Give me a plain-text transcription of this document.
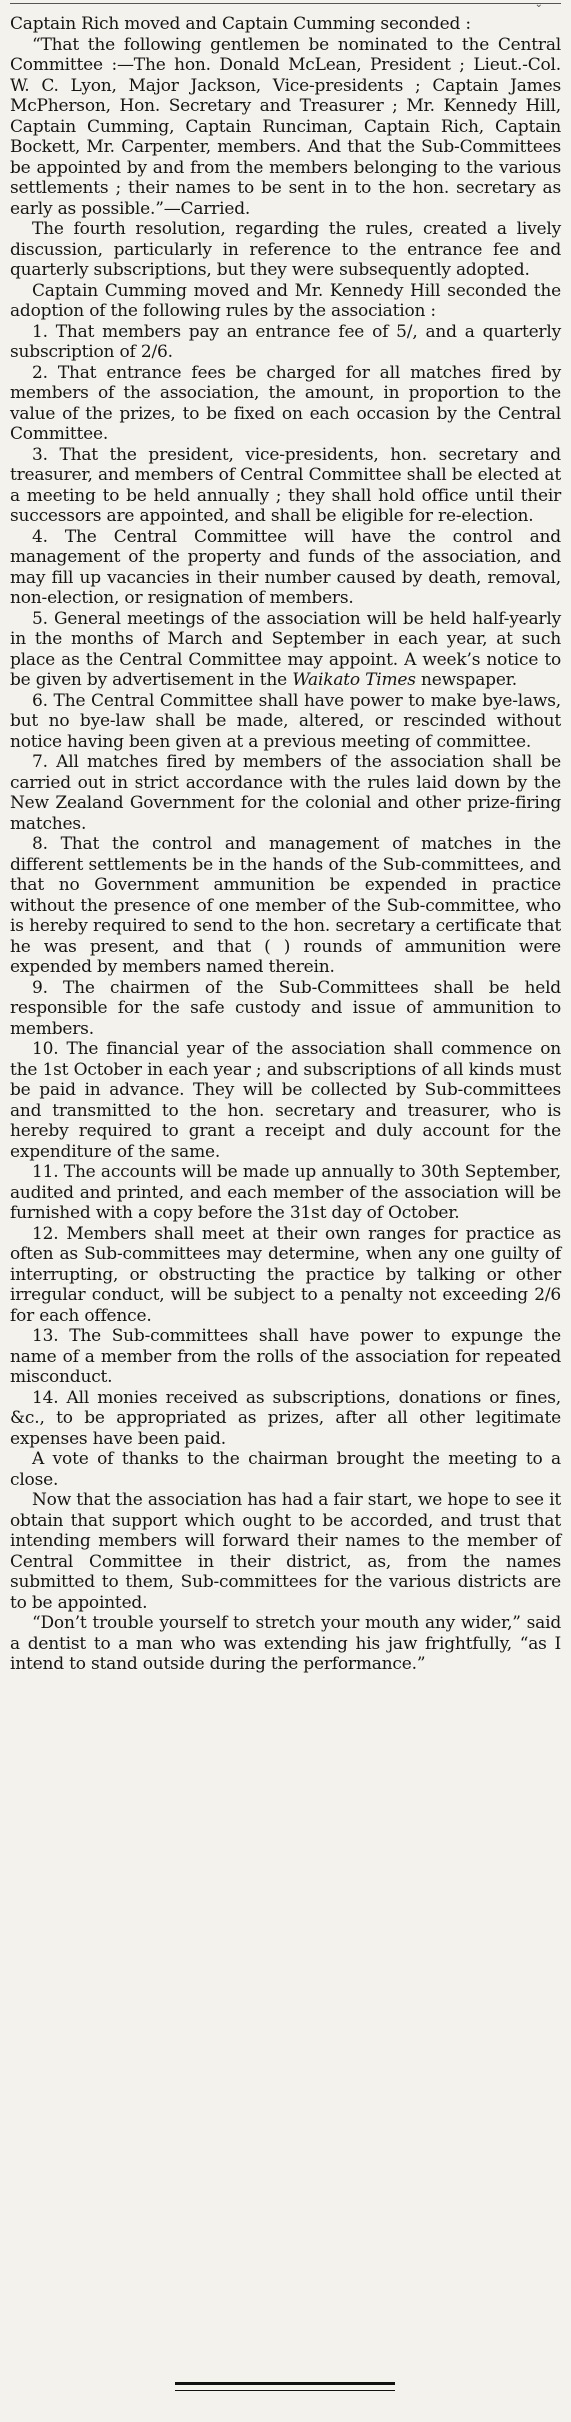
⌄

Captain Rich moved and Captain Cumming seconded :

“That the following gentlemen be nominated to the Central Committee :—The hon. Donald McLean, President ; Lieut.-Col. W. C. Lyon, Major Jackson, Vice-presidents ; Captain James McPherson, Hon. Secretary and Treasurer ; Mr. Kennedy Hill, Captain Cumming, Captain Runciman, Captain Rich, Captain Bockett, Mr. Carpenter, members. And that the Sub-Committees be appointed by and from the members belonging to the various settlements ; their names to be sent in to the hon. secretary as early as possible.”—Carried.

The fourth resolution, regarding the rules, created a lively discussion, particularly in reference to the entrance fee and quarterly subscriptions, but they were subsequently adopted.

Captain Cumming moved and Mr. Kennedy Hill seconded the adoption of the following rules by the association :

1. That members pay an entrance fee of 5/, and a quarterly subscription of 2/6.

2. That entrance fees be charged for all matches fired by members of the association, the amount, in proportion to the value of the prizes, to be fixed on each occasion by the Central Committee.

3. That the president, vice-presidents, hon. secretary and treasurer, and members of Central Committee shall be elected at a meeting to be held annually ; they shall hold office until their successors are appointed, and shall be eligible for re-election.

4. The Central Committee will have the control and management of the property and funds of the association, and may fill up vacancies in their number caused by death, removal, non-election, or resignation of members.

5. General meetings of the association will be held half-yearly in the months of March and September in each year, at such place as the Central Committee may appoint. A week’s notice to be given by advertisement in the Waikato Times newspaper.

6. The Central Committee shall have power to make bye-laws, but no bye-law shall be made, altered, or rescinded without notice having been given at a previous meeting of committee.

7. All matches fired by members of the association shall be carried out in strict accordance with the rules laid down by the New Zealand Government for the colonial and other prize-firing matches.

8. That the control and management of matches in the different settlements be in the hands of the Sub-committees, and that no Government ammunition be expended in practice without the presence of one member of the Sub-committee, who is hereby required to send to the hon. secretary a certificate that he was present, and that ( ) rounds of ammunition were expended by members named therein.

9. The chairmen of the Sub-Committees shall be held responsible for the safe custody and issue of ammunition to members.

10. The financial year of the association shall commence on the 1st October in each year ; and subscriptions of all kinds must be paid in advance. They will be collected by Sub-committees and transmitted to the hon. secretary and treasurer, who is hereby required to grant a receipt and duly account for the expenditure of the same.

11. The accounts will be made up annually to 30th September, audited and printed, and each member of the association will be furnished with a copy before the 31st day of October.

12. Members shall meet at their own ranges for practice as often as Sub-committees may determine, when any one guilty of interrupting, or obstructing the practice by talking or other irregular conduct, will be subject to a penalty not exceeding 2/6 for each offence.

13. The Sub-committees shall have power to expunge the name of a member from the rolls of the association for repeated misconduct.

14. All monies received as subscriptions, donations or fines, &c., to be appropriated as prizes, after all other legitimate expenses have been paid.

A vote of thanks to the chairman brought the meeting to a close.

Now that the association has had a fair start, we hope to see it obtain that support which ought to be accorded, and trust that intending members will forward their names to the member of Central Committee in their district, as, from the names submitted to them, Sub-committees for the various districts are to be appointed.

“Don’t trouble yourself to stretch your mouth any wider,” said a dentist to a man who was extending his jaw frightfully, “as I intend to stand outside during the performance.”
